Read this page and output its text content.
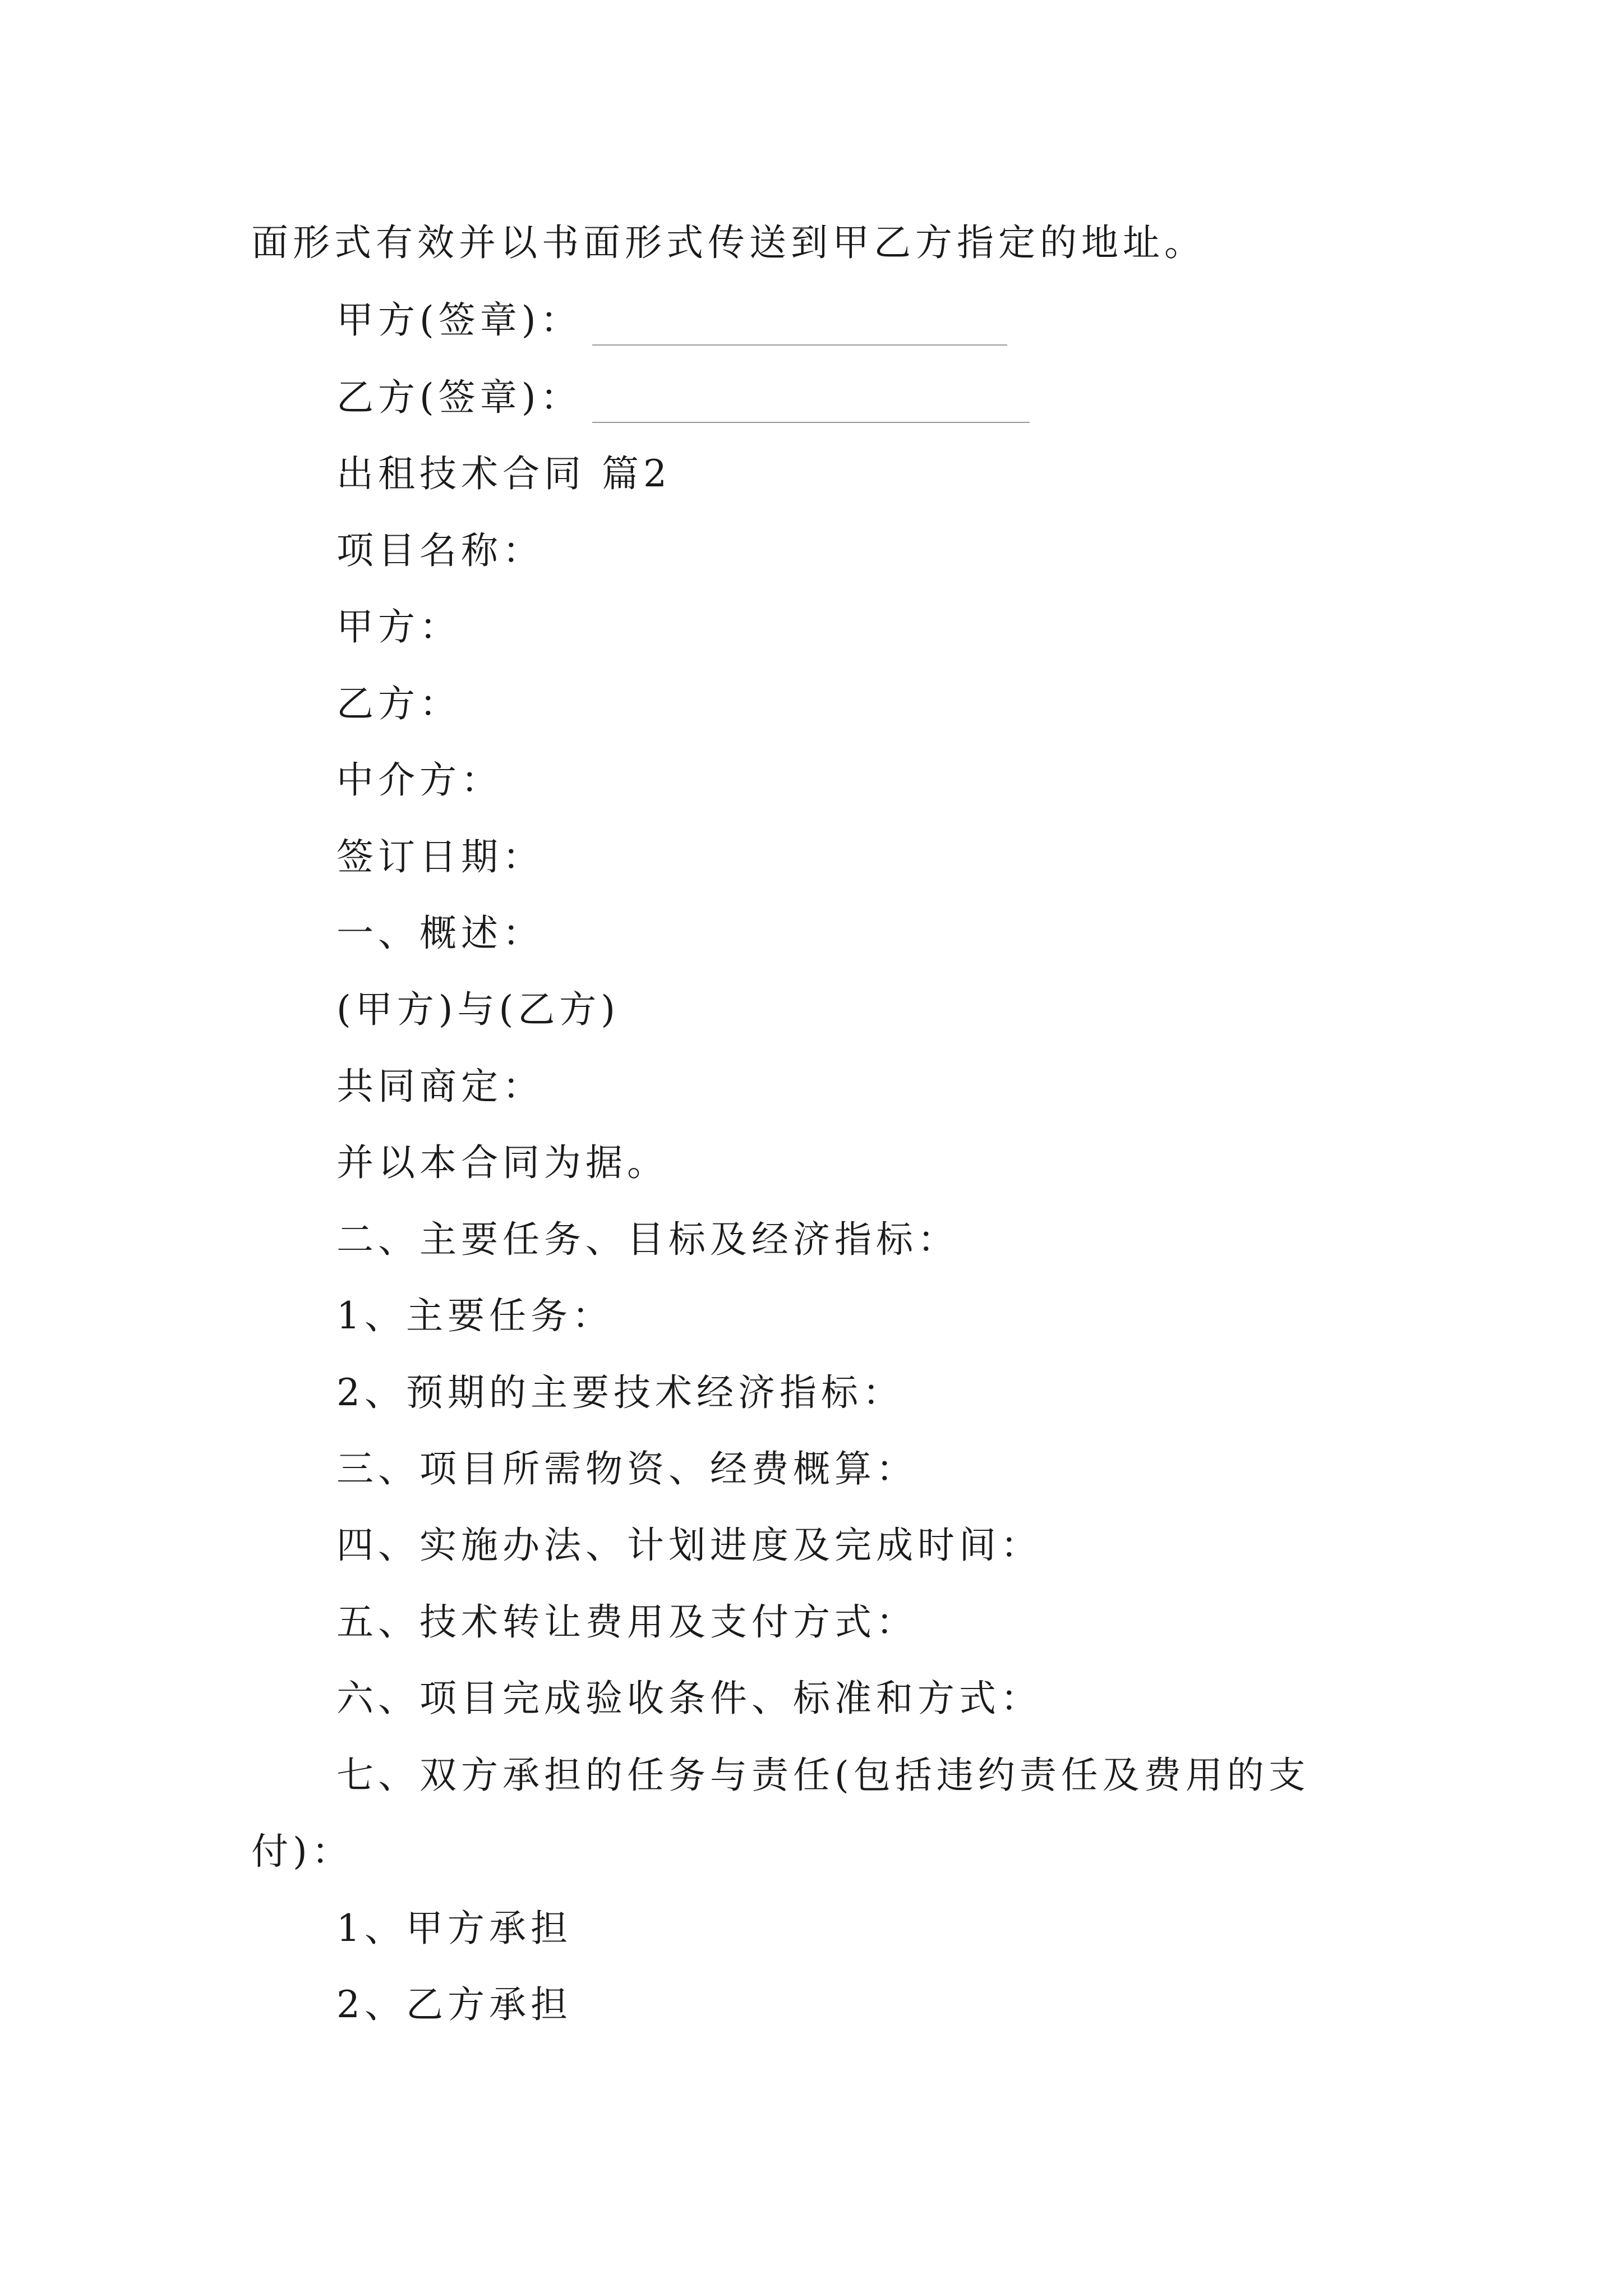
面形式有效并以书面形式传送到甲乙方指定的地址。
甲方(签章)：
乙方(签章)：
出租技术合同 篇2
项目名称：
甲方：
乙方：
中介方：
签订日期：
一、概述：
(甲方)与(乙方)
共同商定：
并以本合同为据。
二、主要任务、目标及经济指标：
1、主要任务：
2、预期的主要技术经济指标：
三、项目所需物资、经费概算：
四、实施办法、计划进度及完成时间：
五、技术转让费用及支付方式：
六、项目完成验收条件、标准和方式：
七、双方承担的任务与责任(包括违约责任及费用的支
付)：
1、甲方承担
2、乙方承担
